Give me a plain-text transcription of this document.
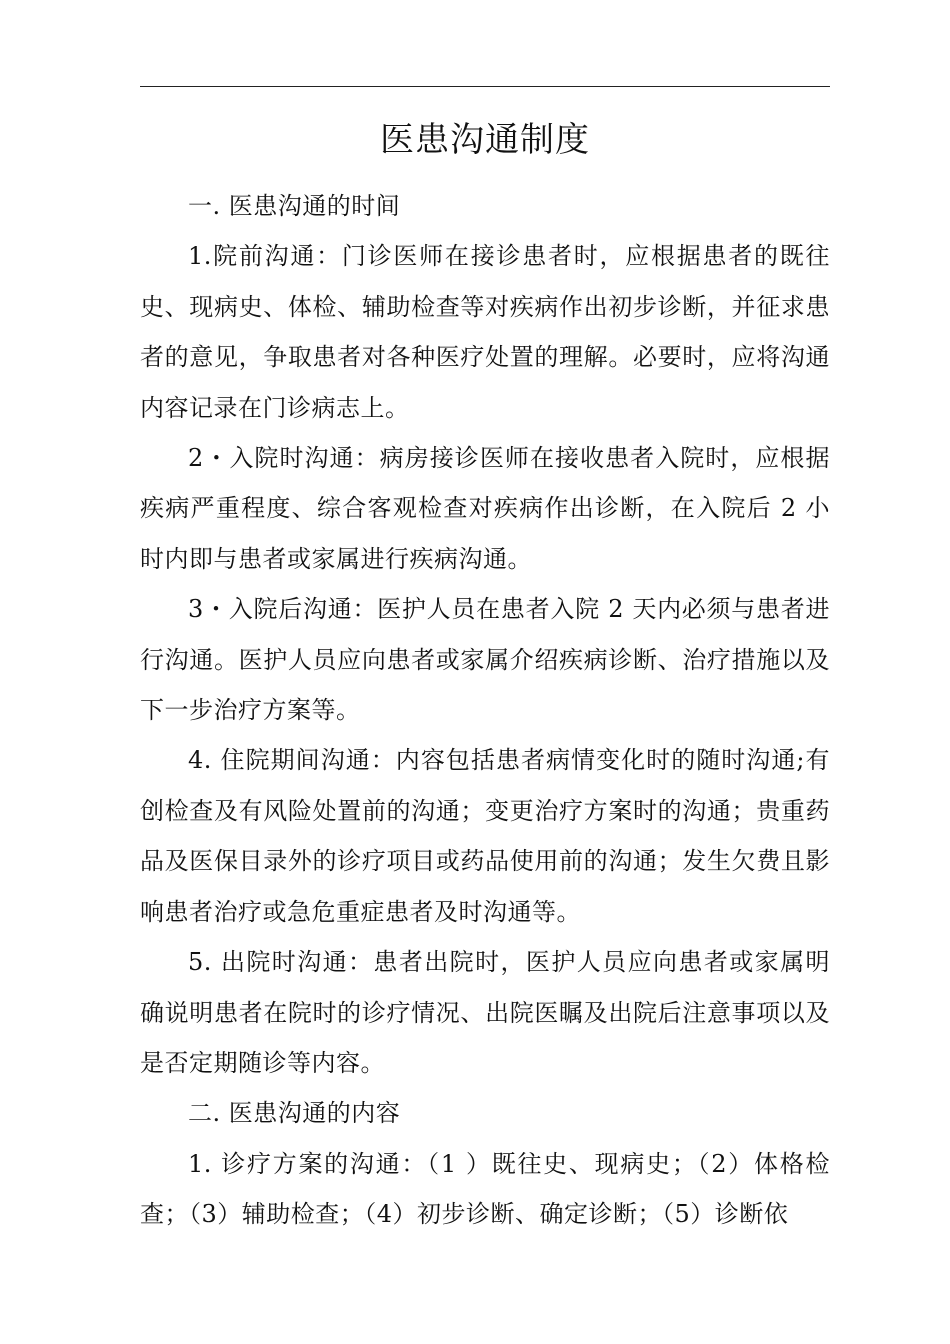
医患沟通制度

一. 医患沟通的时间

1.院前沟通：门诊医师在接诊患者时，应根据患者的既往史、现病史、体检、辅助检查等对疾病作出初步诊断，并征求患者的意见，争取患者对各种医疗处置的理解。必要时，应将沟通内容记录在门诊病志上。

2・入院时沟通：病房接诊医师在接收患者入院时，应根据疾病严重程度、综合客观检查对疾病作出诊断，在入院后 2 小时内即与患者或家属进行疾病沟通。

3・入院后沟通：医护人员在患者入院 2 天内必须与患者进行沟通。医护人员应向患者或家属介绍疾病诊断、治疗措施以及下一步治疗方案等。

4. 住院期间沟通：内容包括患者病情变化时的随时沟通;有创检查及有风险处置前的沟通；变更治疗方案时的沟通；贵重药品及医保目录外的诊疗项目或药品使用前的沟通；发生欠费且影响患者治疗或急危重症患者及时沟通等。

5. 出院时沟通：患者出院时，医护人员应向患者或家属明确说明患者在院时的诊疗情况、出院医瞩及出院后注意事项以及是否定期随诊等内容。

二. 医患沟通的内容

1. 诊疗方案的沟通：（1 ）既往史、现病史；（2）体格检查；（3）辅助检查；（4）初步诊断、确定诊断；（5）诊断依
